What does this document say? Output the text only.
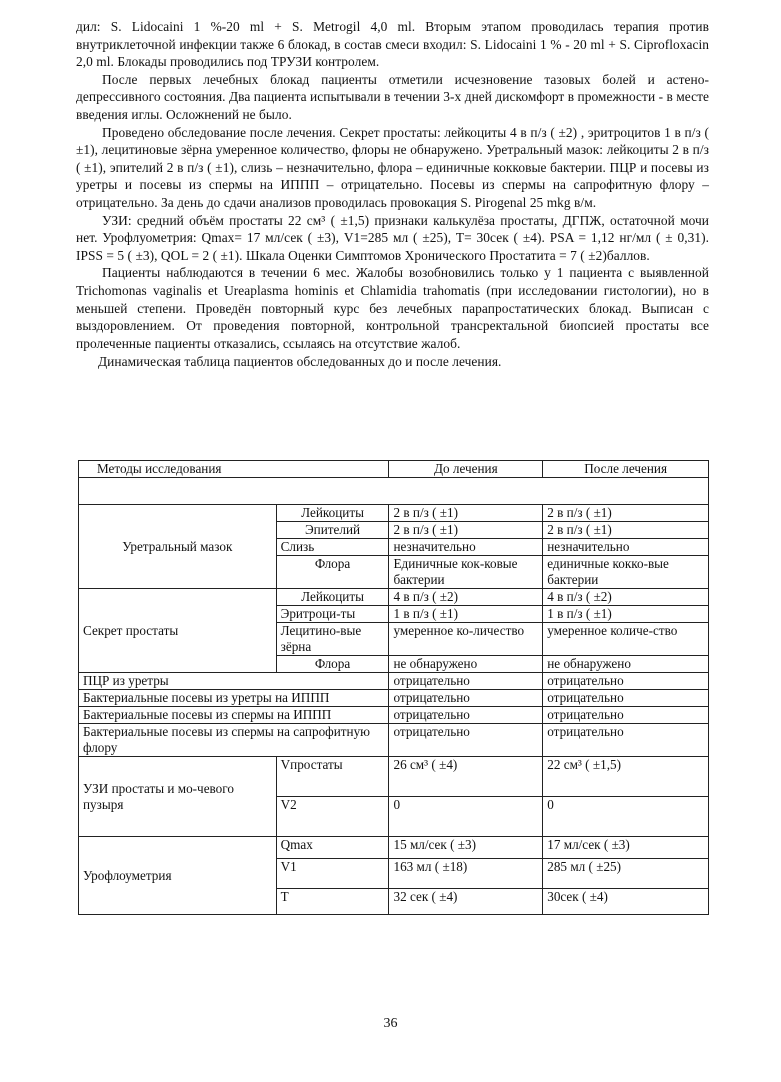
дил: S. Lidocaini 1 %-20 ml + S. Metrogil 4,0 ml. Вторым этапом проводилась терапия против внутриклеточной инфекции также 6 блокад, в состав смеси входил: S. Lidocaini 1 % - 20 ml + S. Ciprofloxacin 2,0 ml. Блокады проводились под ТРУЗИ контролем.

После первых лечебных блокад пациенты отметили исчезновение тазовых болей и астено-депрессивного состояния. Два пациента испытывали в течении 3-х дней дискомфорт в промежности - в месте введения иглы. Осложнений не было.

Проведено обследование после лечения. Секрет простаты: лейкоциты 4 в п/з ( ±2) , эритроцитов 1 в п/з ( ±1), лецитиновые зёрна умеренное количество, флоры не обнаружено. Уретральный мазок: лейкоциты 2 в п/з ( ±1), эпителий 2 в п/з ( ±1), слизь – незначительно, флора – единичные кокковые бактерии. ПЦР и посевы из уретры и посевы из спермы на ИППП – отрицательно. Посевы из спермы на сапрофитную флору – отрицательно. За день до сдачи анализов проводилась провокация S. Pirogenal 25 mkg в/м.

УЗИ: средний объём простаты 22 см³ ( ±1,5) признаки калькулёза простаты, ДГПЖ, остаточной мочи нет. Урофлуометрия: Qmax= 17 мл/сек ( ±3), V1=285 мл ( ±25), T= 30сек ( ±4). PSA = 1,12 нг/мл ( ± 0,31). IPSS = 5 ( ±3), QOL = 2 ( ±1). Шкала Оценки Симптомов Хронического Простатита = 7 ( ±2)баллов.

Пациенты наблюдаются в течении 6 мес. Жалобы возобновились только у 1 пациента с выявленной Trichomonas vaginalis et Ureaplasma hominis et Chlamidia trahomatis (при исследовании гистологии), но в меньшей степени. Проведён повторный курс без лечебных парапростатических блокад. Выписан с выздоровлением. От проведения повторной, контрольной трансректальной биопсией простаты все пролеченные пациенты отказались, ссылаясь на отсутствие жалоб.

Динамическая таблица пациентов обследованных до и после лечения.

Методы исследования		До лечения	После лечения

Уретральный мазок	Лейкоциты	2 в п/з ( ±1)	2 в п/з ( ±1)
	Эпителий	2 в п/з ( ±1)	2 в п/з ( ±1)
	Слизь	незначительно	незначительно
	Флора	Единичные кок-ковые бактерии	единичные кокко-вые бактерии
Секрет простаты	Лейкоциты	4 в п/з ( ±2)	4 в п/з ( ±2)
	Эритроци-ты	1 в п/з ( ±1)	1 в п/з ( ±1)
	Лецитино-вые зёрна	умеренное ко-личество	умеренное количе-ство
	Флора	не обнаружено	не обнаружено
ПЦР из уретры		отрицательно	отрицательно
Бактериальные посевы из уретры на ИППП		отрицательно	отрицательно
Бактериальные посевы из спермы на ИППП		отрицательно	отрицательно
Бактериальные посевы из спермы на сапрофитную флору		отрицательно	отрицательно
УЗИ простаты и мо-чевого пузыря	Vпростаты	26 см³ ( ±4)	22 см³ ( ±1,5)
	V2	0	0
Урофлоуметрия	Qmax	15 мл/сек ( ±3)	17 мл/сек ( ±3)
	V1	163 мл ( ±18)	285 мл ( ±25)
	T	32 сек ( ±4)	30сек ( ±4)
36
